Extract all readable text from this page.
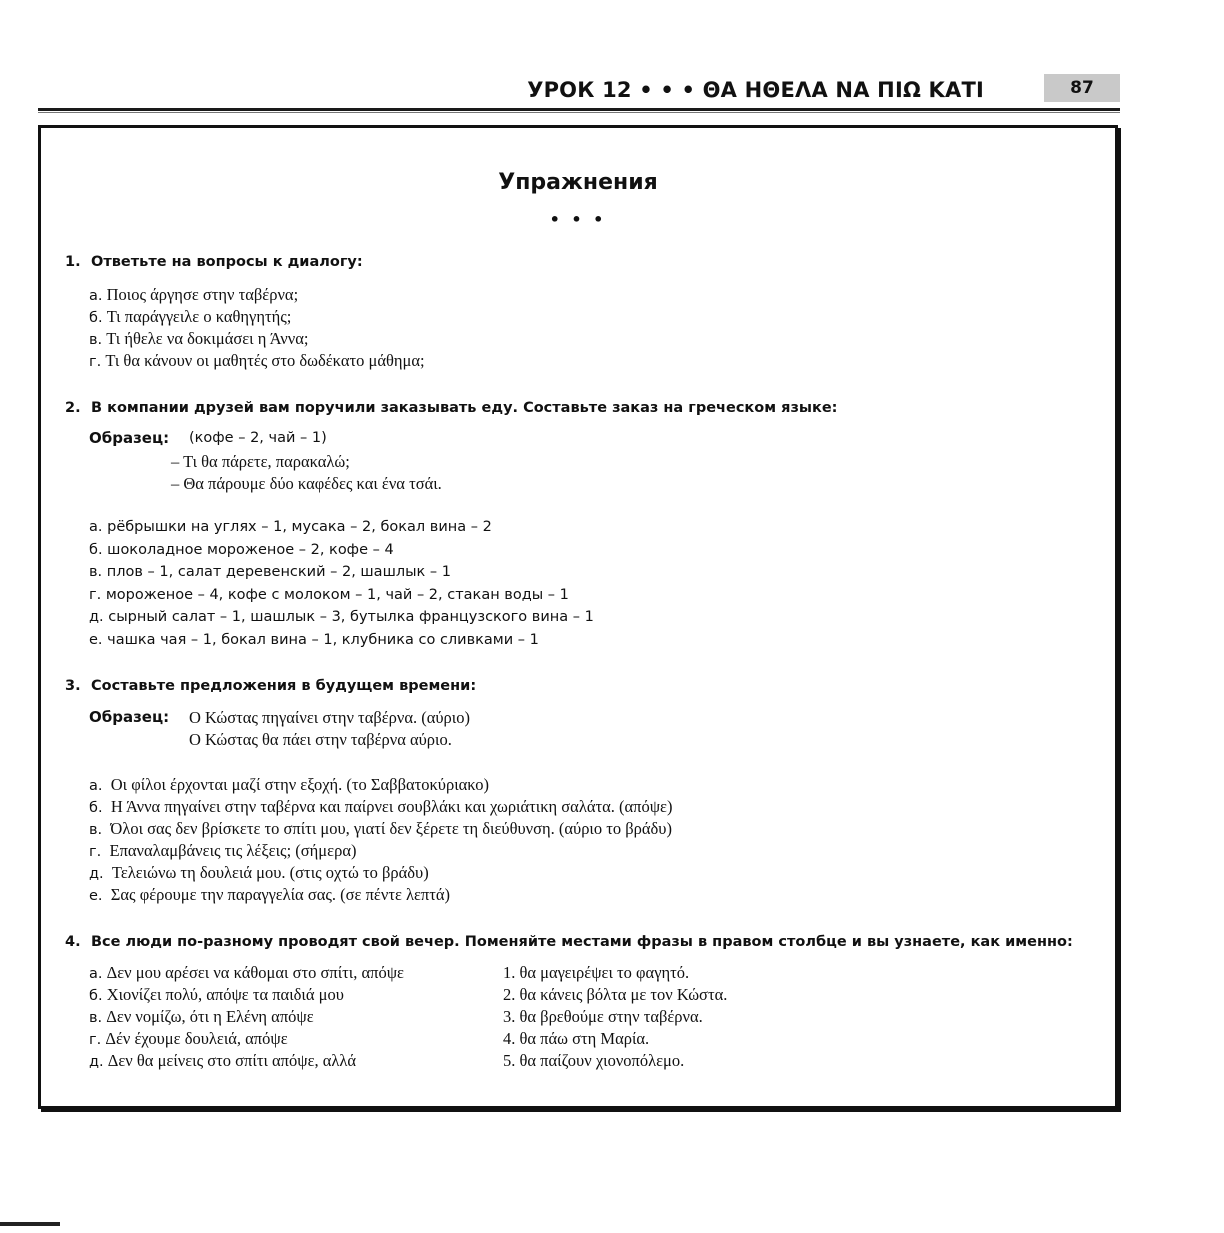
УРОК 12 • • • ΘΑ ΗΘΕΛΑ ΝΑ ΠΙΩ ΚΑΤΙ	87
Упражнения
• • •
1. Ответьте на вопросы к диалогу:
а. Ποιος άργησε στην ταβέρνα;
б. Τι παράγγειλε ο καθηγητής;
в. Τι ήθελε να δοκιμάσει η Άννα;
г. Τι θα κάνουν οι μαθητές στο δωδέκατο μάθημα;
2. В компании друзей вам поручили заказывать еду. Составьте заказ на греческом языке:
Образец: (кофе – 2, чай – 1)
– Τι θα πάρετε, παρακαλώ;
– Θα πάρουμε δύο καφέδες και ένα τσάι.
а. рёбрышки на углях – 1, мусака – 2, бокал вина – 2
б. шоколадное мороженое – 2, кофе – 4
в. плов – 1, салат деревенский – 2, шашлык – 1
г. мороженое – 4, кофе с молоком – 1, чай – 2, стакан воды – 1
д. сырный салат – 1, шашлык – 3, бутылка французского вина – 1
е. чашка чая – 1, бокал вина – 1, клубника со сливками – 1
3. Составьте предложения в будущем времени:
Образец: Ο Κώστας πηγαίνει στην ταβέρνα. (αύριο)
Ο Κώστας θα πάει στην ταβέρνα αύριο.
а. Οι φίλοι έρχονται μαζί στην εξοχή. (το Σαββατοκύριακο)
б. Η Άννα πηγαίνει στην ταβέρνα και παίρνει σουβλάκι και χωριάτικη σαλάτα. (απόψε)
в. Όλοι σας δεν βρίσκετε το σπίτι μου, γιατί δεν ξέρετε τη διεύθυνση. (αύριο το βράδυ)
г. Επαναλαμβάνεις τις λέξεις; (σήμερα)
д. Τελειώνω τη δουλειά μου. (στις οχτώ το βράδυ)
е. Σας φέρουμε την παραγγελία σας. (σε πέντε λεπτά)
4. Все люди по-разному проводят свой вечер. Поменяйте местами фразы в правом столбце и вы узнаете, как именно:
а. Δεν μου αρέσει να κάθομαι στο σπίτι, απόψε
б. Χιονίζει πολύ, απόψε τα παιδιά μου
в. Δεν νομίζω, ότι η Ελένη απόψε
г. Δέν έχουμε δουλειά, απόψε
д. Δεν θα μείνεις στο σπίτι απόψε, αλλά
1. θα μαγειρέψει το φαγητό.
2. θα κάνεις βόλτα με τον Κώστα.
3. θα βρεθούμε στην ταβέρνα.
4. θα πάω στη Μαρία.
5. θα παίζουν χιονοπόλεμο.
